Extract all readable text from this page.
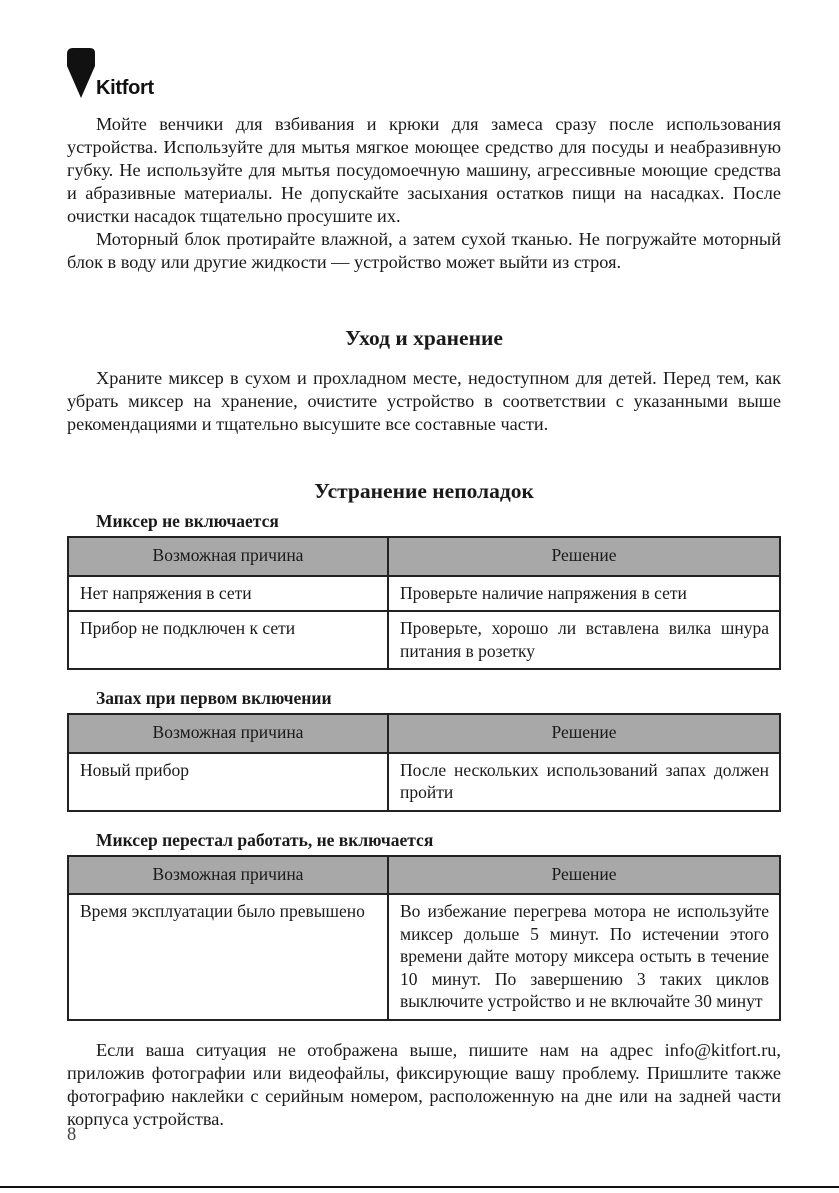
Kitfort

Мойте венчики для взбивания и крюки для замеса сразу после использования устройства. Используйте для мытья мягкое моющее средство для посуды и неабразивную губку. Не используйте для мытья посудомоечную машину, агрессивные моющие средства и абразивные материалы. Не допускайте засыхания остатков пищи на насадках. После очистки насадок тщательно просушите их.

Моторный блок протирайте влажной, а затем сухой тканью. Не погружайте моторный блок в воду или другие жидкости — устройство может выйти из строя.

Уход и хранение

Храните миксер в сухом и прохладном месте, недоступном для детей. Перед тем, как убрать миксер на хранение, очистите устройство в соответствии с указанными выше рекомендациями и тщательно высушите все составные части.

Устранение неполадок
Миксер не включается
Возможная причина	Решение
Нет напряжения в сети	Проверьте наличие напряжения в сети
Прибор не подключен к сети	Проверьте, хорошо ли вставлена вилка шнура питания в розетку
Запах при первом включении
Возможная причина	Решение
Новый прибор	После нескольких использований запах должен пройти
Миксер перестал работать, не включается
Возможная причина	Решение
Время эксплуатации было превышено	Во избежание перегрева мотора не используйте миксер дольше 5 минут. По истечении этого времени дайте мотору миксера остыть в течение 10 минут. По завершению 3 таких циклов выключите устройство и не включайте 30 минут

Если ваша ситуация не отображена выше, пишите нам на адрес info@kitfort.ru, приложив фотографии или видеофайлы, фиксирующие вашу проблему. Пришлите также фотографию наклейки с серийным номером, расположенную на дне или на задней части корпуса устройства.

8
